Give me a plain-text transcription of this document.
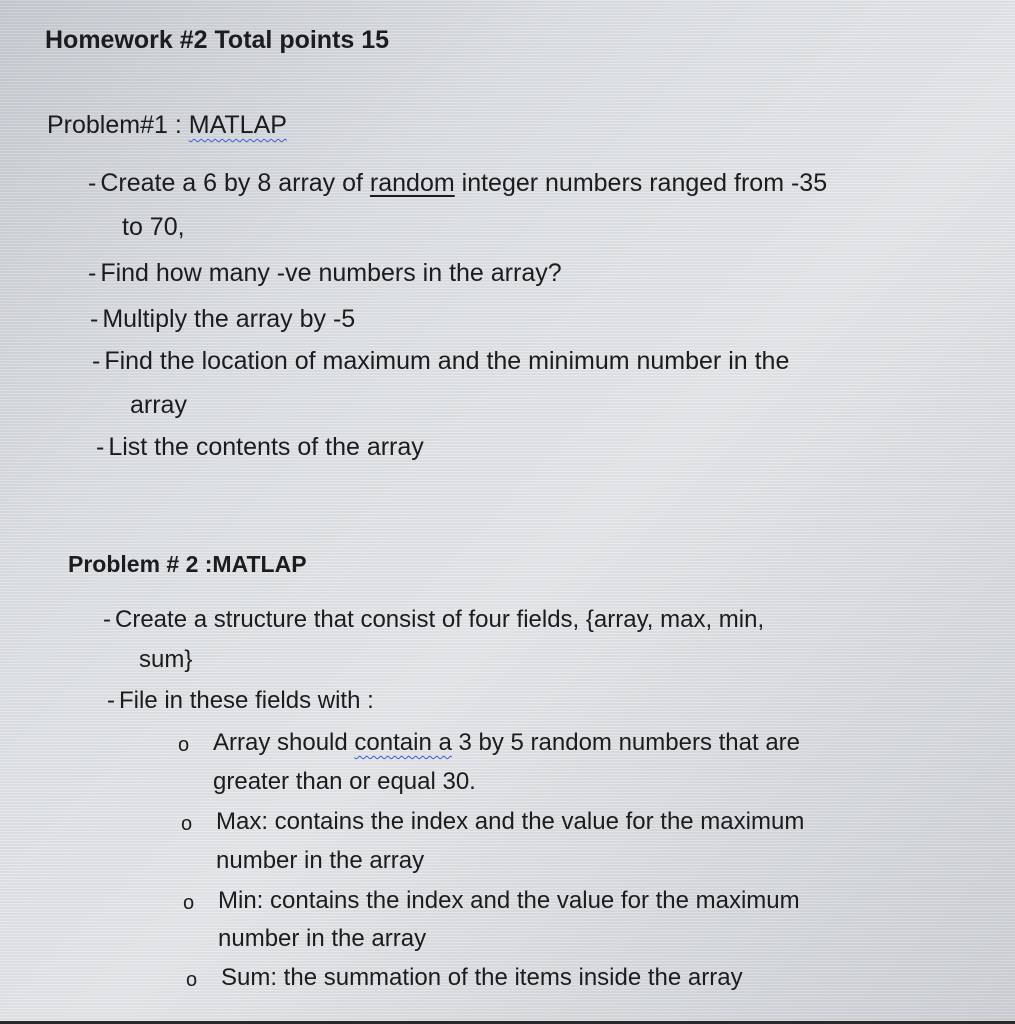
Homework #2 Total points 15
Problem#1 : MATLAP
- Create a 6 by 8 array of random integer numbers ranged from -35
to 70,
- Find how many -ve numbers in the array?
- Multiply the array by -5
- Find the location of maximum and the minimum number in the
array
- List the contents of the array
Problem # 2 :MATLAP
- Create a structure that consist of four fields, {array, max, min,
sum}
- File in these fields with :
o Array should contain a 3 by 5 random numbers that are
greater than or equal 30.
o Max: contains the index and the value for the maximum
number in the array
o Min: contains the index and the value for the maximum
number in the array
o Sum: the summation of the items inside the array
